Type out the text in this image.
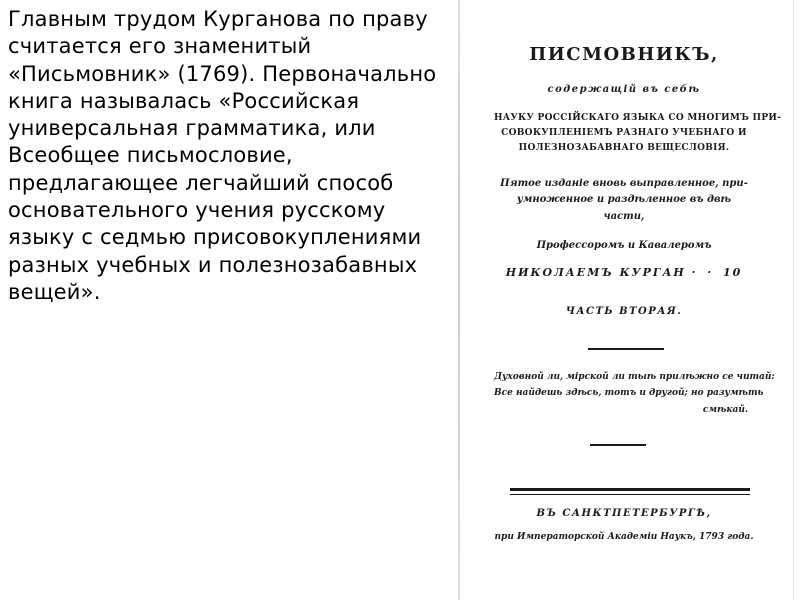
Главным трудом Курганова по праву считается его знаменитый «Письмовник» (1769). Первоначально книга называлась «Российская универсальная грамматика, или Всеобщее письмословие, предлагающее легчайший способ основательного учения русскому языку с седмью присовокуплениями разных учебных и полезнозабавных вещей».

ПИСМОВНИКЪ,
содержащій въ себѣ
НАУКУ РОССІЙСКАГО ЯЗЫКА СО МНОГИМЪ ПРИ-
СОВОКУПЛЕНІЕМЪ РАЗНАГО УЧЕБНАГО И
ПОЛЕЗНОЗАБАВНАГО ВЕЩЕСЛОВІЯ.
Пятое изданіе вновь выправленное, при-
умноженное и раздѣленное въ двѣ
части,
Профессоромъ и Кавалеромъ
НИКОЛАЕМЪ КУРГАН · · 10
ЧАСТЬ ВТОРАЯ.
Духовной ли, мірской ли тыѣ прилѣжно се читай:
Все найдешь здѣсь, тотъ и другой; но разумѣть
смѣкай.
ВЪ САНКТПЕТЕРБУРГѢ,
при Императорской Академіи Наукъ, 1793 года.
